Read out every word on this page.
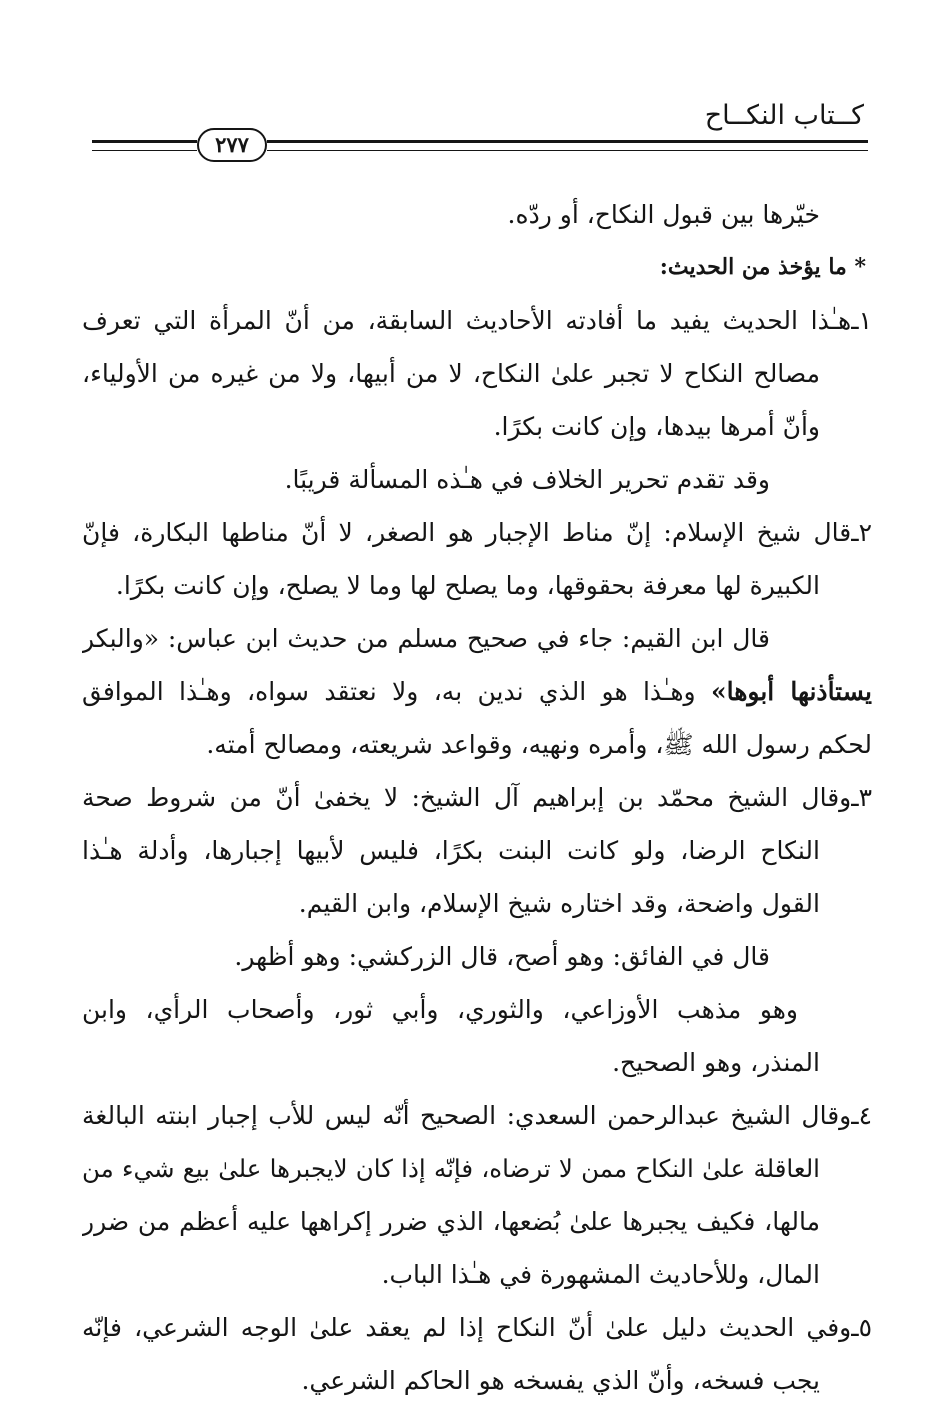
كــتاب النكــاح
٢٧٧
خيّرها بين قبول النكاح، أو ردّه.
* ما يؤخذ من الحديث:
١ـهـٰذا الحديث يفيد ما أفادته الأحاديث السابقة، من أنّ المرأة التي تعرف
مصالح النكاح لا تجبر علىٰ النكاح، لا من أبيها، ولا من غيره من الأولياء،
وأنّ أمرها بيدها، وإن كانت بكرًا.
وقد تقدم تحرير الخلاف في هـٰذه المسألة قريبًا.
٢ـقال شيخ الإسلام: إنّ مناط الإجبار هو الصغر، لا أنّ مناطها البكارة، فإنّ
الكبيرة لها معرفة بحقوقها، وما يصلح لها وما لا يصلح، وإن كانت بكرًا.
قال ابن القيم: جاء في صحيح مسلم من حديث ابن عباس: «والبكر
يستأذنها أبوها» وهـٰذا هو الذي ندين به، ولا نعتقد سواه، وهـٰذا الموافق
لحكم رسول الله ﷺ، وأمره ونهيه، وقواعد شريعته، ومصالح أمته.
٣ـوقال الشيخ محمّد بن إبراهيم آل الشيخ: لا يخفىٰ أنّ من شروط صحة
النكاح الرضا، ولو كانت البنت بكرًا، فليس لأبيها إجبارها، وأدلة هـٰذا
القول واضحة، وقد اختاره شيخ الإسلام، وابن القيم.
قال في الفائق: وهو أصح، قال الزركشي: وهو أظهر.
وهو مذهب الأوزاعي، والثوري، وأبي ثور، وأصحاب الرأي، وابن
المنذر، وهو الصحيح.
٤ـوقال الشيخ عبدالرحمن السعدي: الصحيح أنّه ليس للأب إجبار ابنته البالغة
العاقلة علىٰ النكاح ممن لا ترضاه، فإنّه إذا كان لايجبرها علىٰ بيع شيء من
مالها، فكيف يجبرها علىٰ بُضعها، الذي ضرر إكراهها عليه أعظم من ضرر
المال، وللأحاديث المشهورة في هـٰذا الباب.
٥ـوفي الحديث دليل علىٰ أنّ النكاح إذا لم يعقد علىٰ الوجه الشرعي، فإنّه
يجب فسخه، وأنّ الذي يفسخه هو الحاكم الشرعي.
